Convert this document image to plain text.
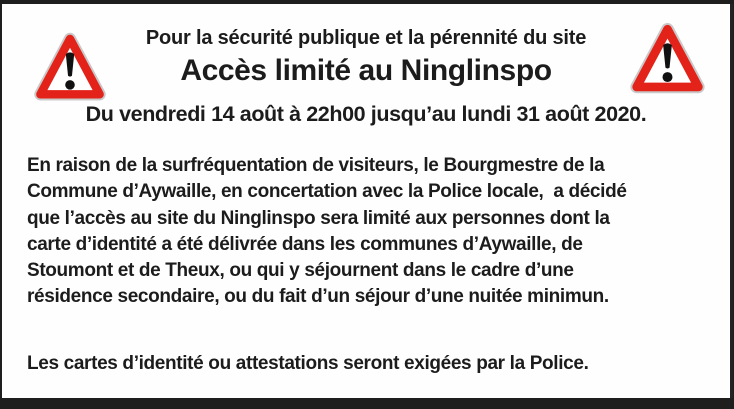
Pour la sécurité publique et la pérennité du site
Accès limité au Ninglinspo
Du vendredi 14 août à 22h00 jusqu’au lundi 31 août 2020.
En raison de la surfréquentation de visiteurs, le Bourgmestre de la
Commune d’Aywaille, en concertation avec la Police locale,  a décidé
que l’accès au site du Ninglinspo sera limité aux personnes dont la
carte d’identité a été délivrée dans les communes d’Aywaille, de
Stoumont et de Theux, ou qui y séjournent dans le cadre d’une
résidence secondaire, ou du fait d’un séjour d’une nuitée minimun.
Les cartes d’identité ou attestations seront exigées par la Police.
